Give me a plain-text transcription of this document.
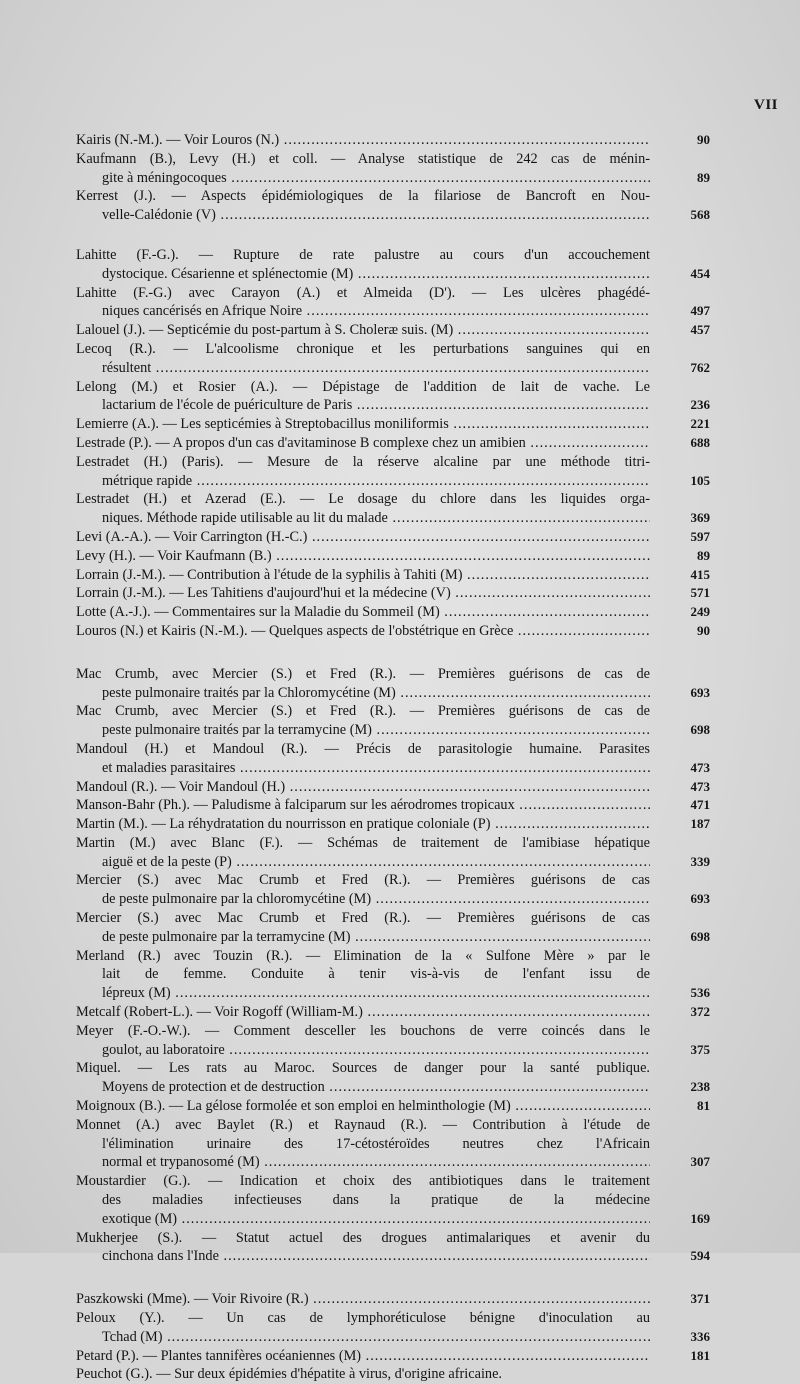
VII
Kairis (N.-M.). — Voir Louros (N.) .....	90
Kaufmann (B.), Levy (H.) et coll. — Analyse statistique de 242 cas de ménin-
gite à méningocoques .....	89
Kerrest (J.). — Aspects épidémiologiques de la filariose de Bancroft en Nou-
velle-Calédonie (V) .....	568
Lahitte (F.-G.). — Rupture de rate palustre au cours d'un accouchement
dystocique. Césarienne et splénectomie (M) .....	454
Lahitte (F.-G.) avec Carayon (A.) et Almeida (D'). — Les ulcères phagédé-
niques cancérisés en Afrique Noire .....	497
Lalouel (J.). — Septicémie du post-partum à S. Choleræ suis. (M) .....	457
Lecoq (R.). — L'alcoolisme chronique et les perturbations sanguines qui en
résultent .....	762
Lelong (M.) et Rosier (A.). — Dépistage de l'addition de lait de vache. Le
lactarium de l'école de puériculture de Paris .....	236
Lemierre (A.). — Les septicémies à Streptobacillus moniliformis .....	221
Lestrade (P.). — A propos d'un cas d'avitaminose B complexe chez un amibien .....	688
Lestradet (H.) (Paris). — Mesure de la réserve alcaline par une méthode titri-
métrique rapide .....	105
Lestradet (H.) et Azerad (E.). — Le dosage du chlore dans les liquides orga-
niques. Méthode rapide utilisable au lit du malade .....	369
Levi (A.-A.). — Voir Carrington (H.-C.) .....	597
Levy (H.). — Voir Kaufmann (B.) .....	89
Lorrain (J.-M.). — Contribution à l'étude de la syphilis à Tahiti (M) .....	415
Lorrain (J.-M.). — Les Tahitiens d'aujourd'hui et la médecine (V) .....	571
Lotte (A.-J.). — Commentaires sur la Maladie du Sommeil (M) .....	249
Louros (N.) et Kairis (N.-M.). — Quelques aspects de l'obstétrique en Grèce .....	90
Mac Crumb, avec Mercier (S.) et Fred (R.). — Premières guérisons de cas de
peste pulmonaire traités par la Chloromycétine (M) .....	693
Mac Crumb, avec Mercier (S.) et Fred (R.). — Premières guérisons de cas de
peste pulmonaire traités par la terramycine (M) .....	698
Mandoul (H.) et Mandoul (R.). — Précis de parasitologie humaine. Parasites
et maladies parasitaires .....	473
Mandoul (R.). — Voir Mandoul (H.) .....	473
Manson-Bahr (Ph.). — Paludisme à falciparum sur les aérodromes tropicaux .....	471
Martin (M.). — La réhydratation du nourrisson en pratique coloniale (P) .....	187
Martin (M.) avec Blanc (F.). — Schémas de traitement de l'amibiase hépatique
aiguë et de la peste (P) .....	339
Mercier (S.) avec Mac Crumb et Fred (R.). — Premières guérisons de cas
de peste pulmonaire par la chloromycétine (M) .....	693
Mercier (S.) avec Mac Crumb et Fred (R.). — Premières guérisons de cas
de peste pulmonaire par la terramycine (M) .....	698
Merland (R.) avec Touzin (R.). — Elimination de la « Sulfone Mère » par le
lait de femme. Conduite à tenir vis-à-vis de l'enfant issu de
lépreux (M) .....	536
Metcalf (Robert-L.). — Voir Rogoff (William-M.) .....	372
Meyer (F.-O.-W.). — Comment desceller les bouchons de verre coincés dans le
goulot, au laboratoire .....	375
Miquel. — Les rats au Maroc. Sources de danger pour la santé publique.
Moyens de protection et de destruction .....	238
Moignoux (B.). — La gélose formolée et son emploi en helminthologie (M) .....	81
Monnet (A.) avec Baylet (R.) et Raynaud (R.). — Contribution à l'étude de
l'élimination urinaire des 17-cétostéroïdes neutres chez l'Africain
normal et trypanosomé (M) .....	307
Moustardier (G.). — Indication et choix des antibiotiques dans le traitement
des maladies infectieuses dans la pratique de la médecine
exotique (M) .....	169
Mukherjee (S.). — Statut actuel des drogues antimalariques et avenir du
cinchona dans l'Inde .....	594
Paszkowski (Mme). — Voir Rivoire (R.) .....	371
Peloux (Y.). — Un cas de lymphoréticulose bénigne d'inoculation au
Tchad (M) .....	336
Petard (P.). — Plantes tannifères océaniennes (M) .....	181
Peuchot (G.). — Sur deux épidémies d'hépatite à virus, d'origine africaine.
